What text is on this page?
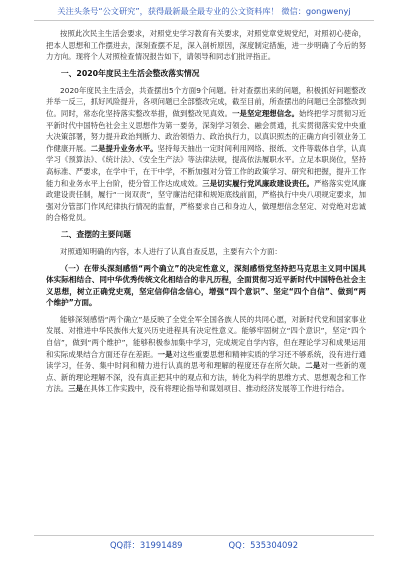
关注头条号“公文研究”，获得最新最全最专业的公文资料库！ 微信：gongwenyj

按照此次民主生活会要求，对照党史学习教育有关要求，对照党章党规党纪，对照初心使命，把本人思想和工作摆进去，深刻查摆不足，深入剖析原因，深度制定措施，进一步明确了今后的努力方向。现将个人对照检查情况报告如下，请领导和同志们批评指正。

一、2020年度民主生活会整改落实情况

2020年度民主生活会，共查摆出5个方面9个问题。针对查摆出来的问题，积极抓好问题整改并举一反三，抓好风险提升，各项问题已全部整改完成，截至目前，所查摆出的问题已全部整改到位。同时，常态化坚持落实整改举措，做到整改见真效。一是坚定理想信念。始终把学习贯彻习近平新时代中国特色社会主义思想作为第一要务，深刻学习领会、融会贯通，扎实贯彻落实党中央重大决策部署，努力提升政治判断力、政治领悟力、政治执行力，以真识照杰的正确方向引领业务工作健康开展。二是提升业务水平。坚持每天抽出一定时间利用网络、报纸、文件等载体自学，认真学习《预算法》、《统计法》、《安全生产法》等法律法规，提高依法履职水平。立足本职岗位，坚持高标准、严要求，在学中干，在干中学，不断加强对分管工作的政策学习、研究和把握，提升工作能力和业务水平上台阶，使分管工作达成成效。三是切实履行党风廉政建设责任。严格落实党风廉政建设责任制，履行“一岗双责”，坚守廉洁纪律和规矩底线前面，严格执行中央八项规定要求，加强对分管部门作风纪律执行情况的监督，严格要求自己和身边人，做理想信念坚定、对党绝对忠诚的合格党员。

二、查摆的主要问题

对照通知明确的内容，本人进行了认真自查反思，主要有六个方面：

（一）在带头深刻感悟“两个确立”的决定性意义，深刻感悟党坚持把马克思主义同中国具体实际相结合、同中华优秀传统文化相结合的非凡历程，全面贯彻习近平新时代中国特色社会主义思想，树立正确党史观，坚定信仰信念信心，增强“四个意识”、坚定“四个自信”、做到“两个维护”方面。

能够深刻感悟“两个确立”是反映了全党全军全国各族人民的共同心愿，对新时代党和国家事业发展、对推进中华民族伟大复兴历史进程具有决定性意义。能够牢固树立“四个意识”，坚定“四个自信”，做到“两个维护”，能够积极参加集中学习，完成规定自学内容，但在理论学习和成果运用和实际成果结合方面还存在差距。一是对这些重要思想和精神实质的学习还不够系统，没有进行通读学习，任务、集中时间和精力进行认真的思考和理解的程度还存在所欠缺。二是对一些新的观点、新的理论理解不深，没有真正把其中的观点和方法，转化为科学的思维方式、思想观念和工作方法。三是在具体工作实践中，没有将理论指导和谋划项目、推动经济发展等工作进行结合。

QQ群：31991489	QQ：535304092
